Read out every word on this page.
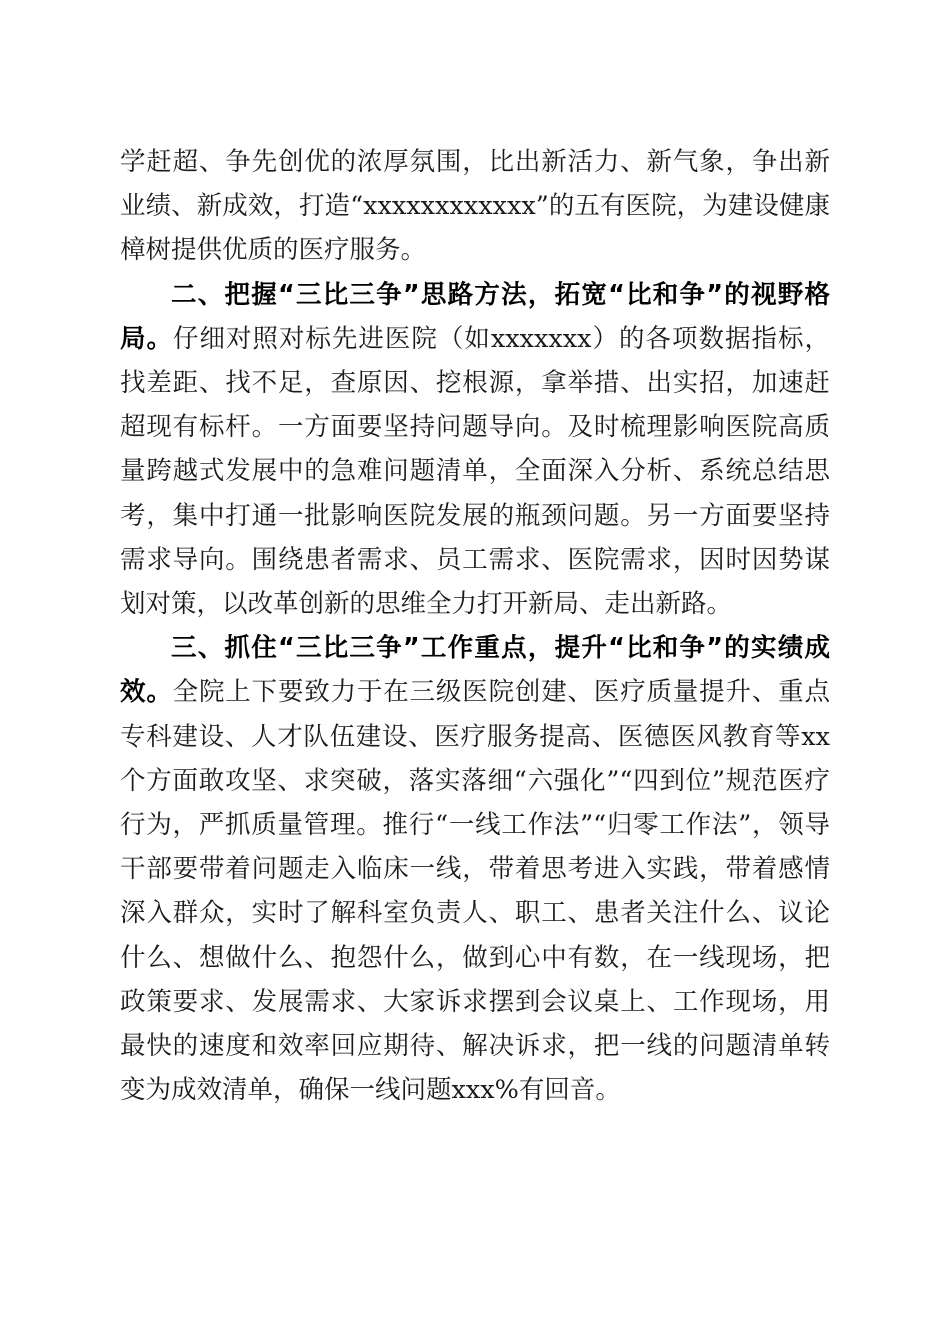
学赶超、争先创优的浓厚氛围，比出新活力、新气象，争出新业绩、新成效，打造“xxxxxxxxxxxx”的五有医院，为建设健康樟树提供优质的医疗服务。

二、把握“三比三争”思路方法，拓宽“比和争”的视野格局。仔细对照对标先进医院（如xxxxxxx）的各项数据指标，找差距、找不足，查原因、挖根源，拿举措、出实招，加速赶超现有标杆。一方面要坚持问题导向。及时梳理影响医院高质量跨越式发展中的急难问题清单，全面深入分析、系统总结思考，集中打通一批影响医院发展的瓶颈问题。另一方面要坚持需求导向。围绕患者需求、员工需求、医院需求，因时因势谋划对策，以改革创新的思维全力打开新局、走出新路。

三、抓住“三比三争”工作重点，提升“比和争”的实绩成效。全院上下要致力于在三级医院创建、医疗质量提升、重点专科建设、人才队伍建设、医疗服务提高、医德医风教育等xx个方面敢攻坚、求突破，落实落细“六强化”“四到位”规范医疗行为，严抓质量管理。推行“一线工作法”“归零工作法”，领导干部要带着问题走入临床一线，带着思考进入实践，带着感情深入群众，实时了解科室负责人、职工、患者关注什么、议论什么、想做什么、抱怨什么，做到心中有数，在一线现场，把政策要求、发展需求、大家诉求摆到会议桌上、工作现场，用最快的速度和效率回应期待、解决诉求，把一线的问题清单转变为成效清单，确保一线问题xxx%有回音。
